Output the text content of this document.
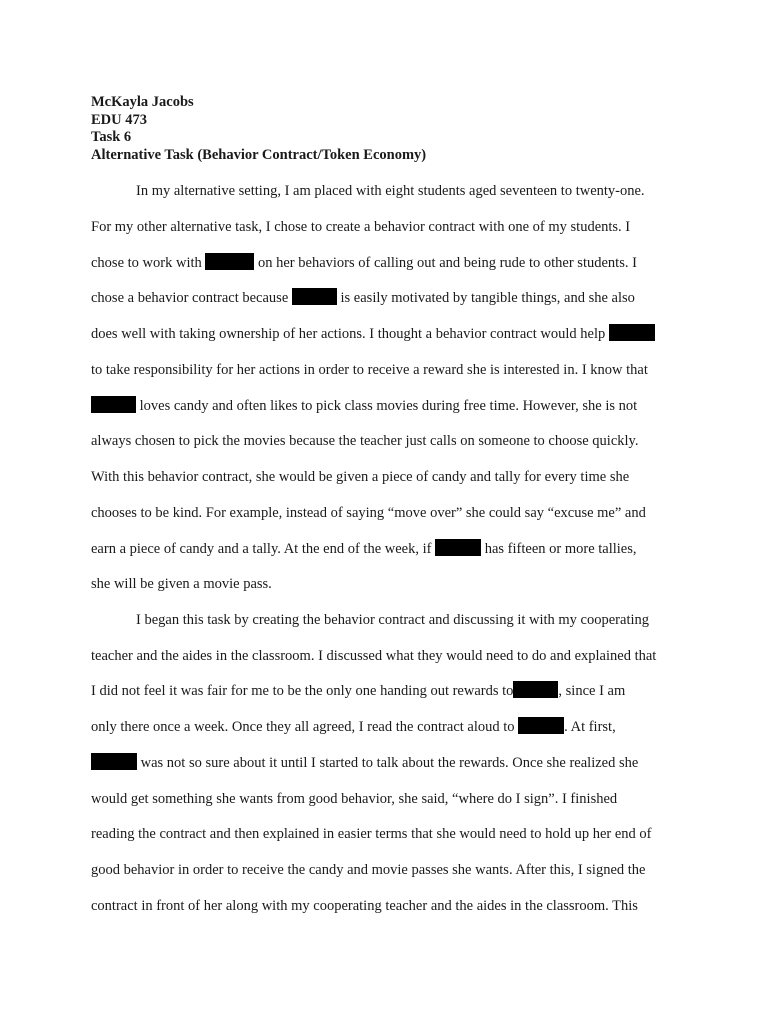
McKayla Jacobs
EDU 473
Task 6
Alternative Task (Behavior Contract/Token Economy)
In my alternative setting, I am placed with eight students aged seventeen to twenty-one.
For my other alternative task, I chose to create a behavior contract with one of my students. I
chose to work with	on her behaviors of calling out and being rude to other students. I
chose a behavior contract because	is easily motivated by tangible things, and she also
does well with taking ownership of her actions. I thought a behavior contract would help
to take responsibility for her actions in order to receive a reward she is interested in. I know that
loves candy and often likes to pick class movies during free time. However, she is not
always chosen to pick the movies because the teacher just calls on someone to choose quickly.
With this behavior contract, she would be given a piece of candy and tally for every time she
chooses to be kind. For example, instead of saying “move over” she could say “excuse me” and
earn a piece of candy and a tally. At the end of the week, if	has fifteen or more tallies,
she will be given a movie pass.
I began this task by creating the behavior contract and discussing it with my cooperating
teacher and the aides in the classroom. I discussed what they would need to do and explained that
I did not feel it was fair for me to be the only one handing out rewards to	, since I am
only there once a week. Once they all agreed, I read the contract aloud to	. At first,
was not so sure about it until I started to talk about the rewards. Once she realized she
would get something she wants from good behavior, she said, “where do I sign”. I finished
reading the contract and then explained in easier terms that she would need to hold up her end of
good behavior in order to receive the candy and movie passes she wants. After this, I signed the
contract in front of her along with my cooperating teacher and the aides in the classroom. This
